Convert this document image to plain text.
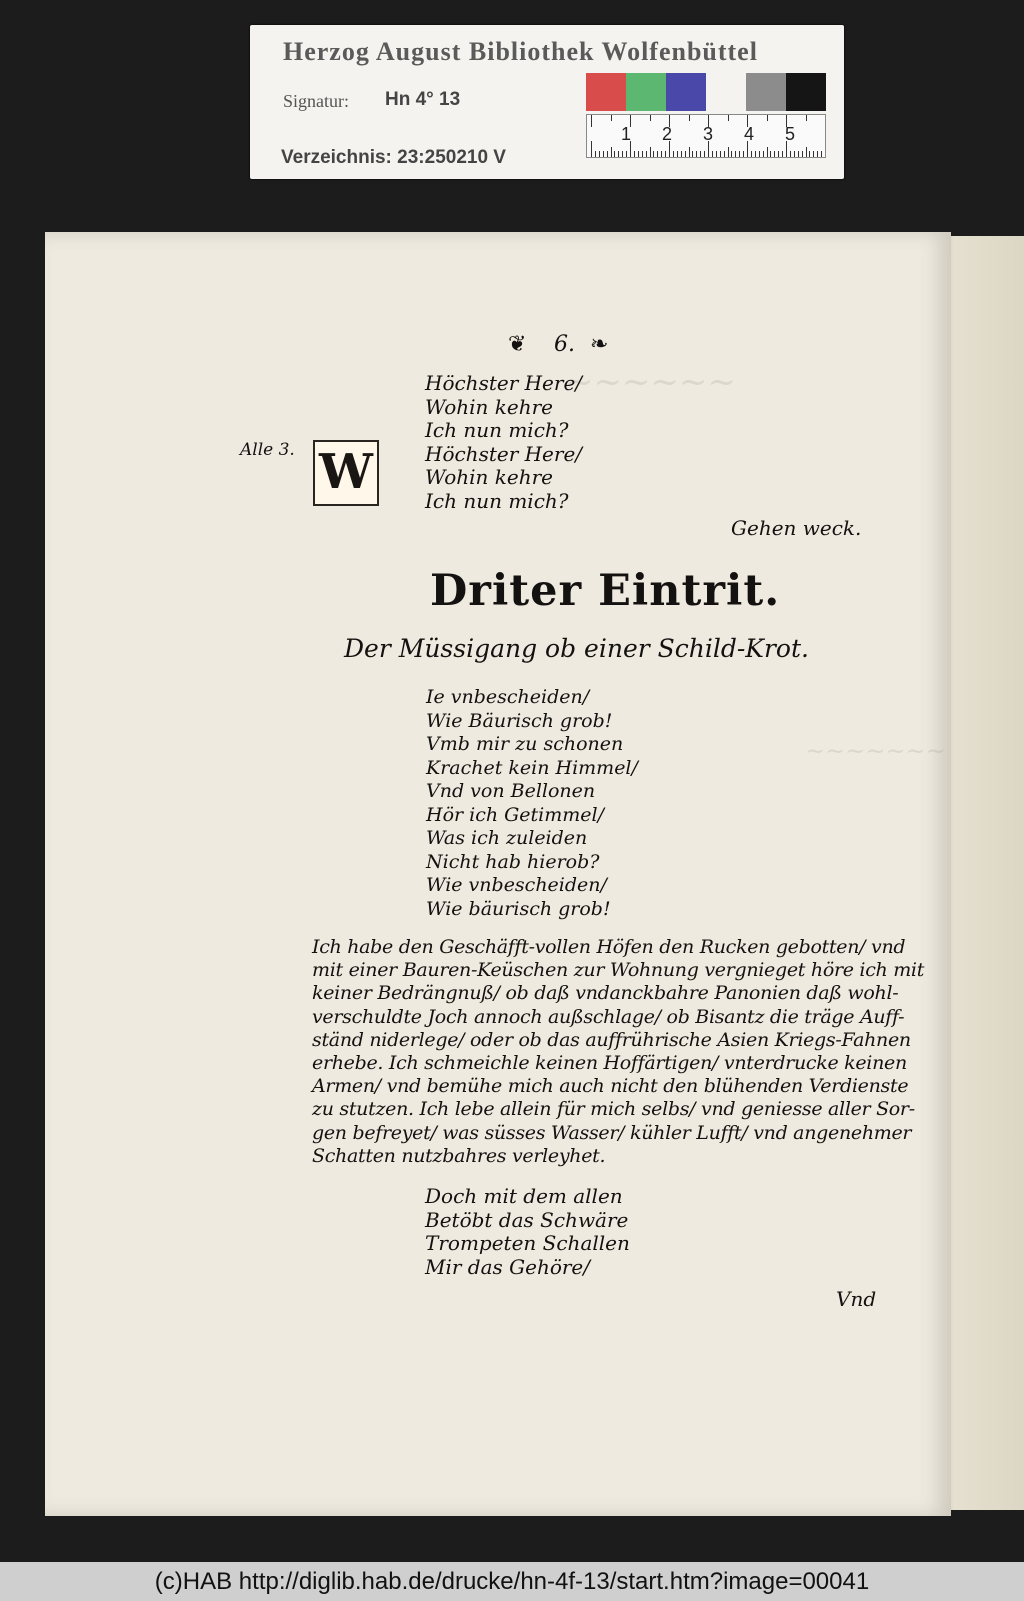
Herzog August Bibliothek Wolfenbüttel
Signatur: Hn 4° 13
Verzeichnis: 23:250210 V
1 2 3 4 5
~~~~~~
~~~~~~~
6.
❦	❧
Höchster Here/
Wohin kehre
Ich nun mich?
Höchster Here/
Wohin kehre
Ich nun mich?
Alle 3.
Gehen weck.
Driter Eintrit.
Der Müssigang ob einer Schild-Krot.
W
Ie vnbescheiden/
Wie Bäurisch grob!
Vmb mir zu schonen
Krachet kein Himmel/
Vnd von Bellonen
Hör ich Getimmel/
Was ich zuleiden
Nicht hab hierob?
Wie vnbescheiden/
Wie bäurisch grob!
Ich habe den Geschäfft-vollen Höfen den Rucken gebotten/ vnd
mit einer Bauren-Keüschen zur Wohnung vergnieget höre ich mit
keiner Bedrängnuß/ ob daß vndanckbahre Panonien daß wohl-
verschuldte Joch annoch außschlage/ ob Bisantz die träge Auff-
ständ niderlege/ oder ob das auffrührische Asien Kriegs-Fahnen
erhebe. Ich schmeichle keinen Hoffärtigen/ vnterdrucke keinen
Armen/ vnd bemühe mich auch nicht den blühenden Verdienste
zu stutzen. Ich lebe allein für mich selbs/ vnd geniesse aller Sor-
gen befreyet/ was süsses Wasser/ kühler Lufft/ vnd angenehmer
Schatten nutzbahres verleyhet.
Doch mit dem allen
Betöbt das Schwäre
Trompeten Schallen
Mir das Gehöre/
Vnd
(c)HAB http://diglib.hab.de/drucke/hn-4f-13/start.htm?image=00041
